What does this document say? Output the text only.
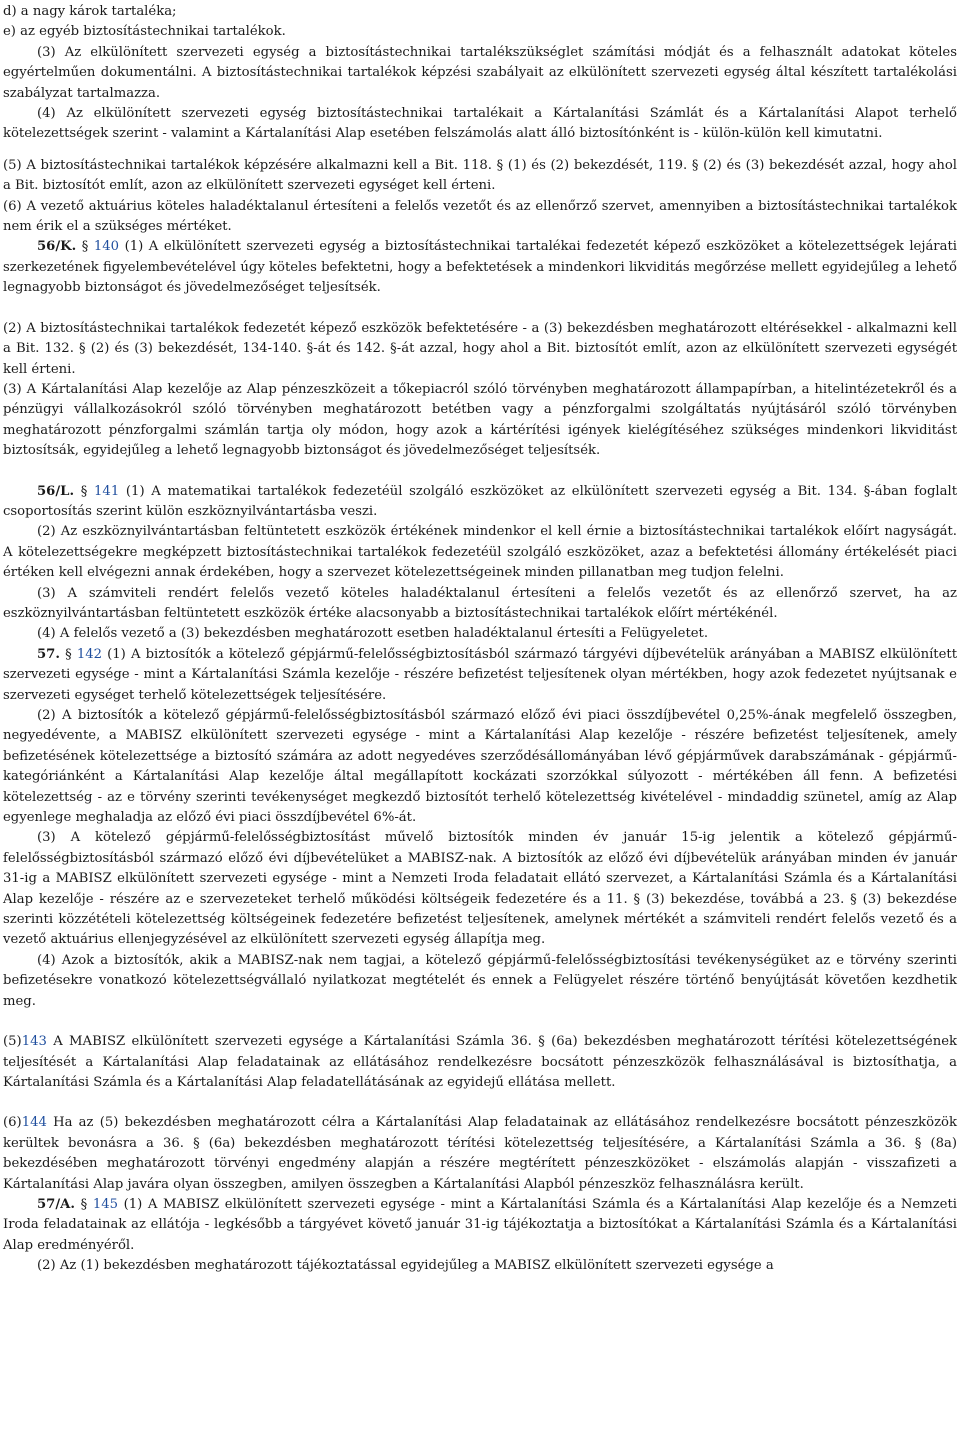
d) a nagy károk tartaléka;

e) az egyéb biztosítástechnikai tartalékok.

(3) Az elkülönített szervezeti egység a biztosítástechnikai tartalékszükséglet számítási módját és a felhasznált adatokat köteles egyértelműen dokumentálni. A biztosítástechnikai tartalékok képzési szabályait az elkülönített szervezeti egység által készített tartalékolási szabályzat tartalmazza.

(4) Az elkülönített szervezeti egység biztosítástechnikai tartalékait a Kártalanítási Számlát és a Kártalanítási Alapot terhelő kötelezettségek szerint - valamint a Kártalanítási Alap esetében felszámolás alatt álló biztosítónként is - külön-külön kell kimutatni.

(5) A biztosítástechnikai tartalékok képzésére alkalmazni kell a Bit. 118. § (1) és (2) bekezdését, 119. § (2) és (3) bekezdését azzal, hogy ahol a Bit. biztosítót említ, azon az elkülönített szervezeti egységet kell érteni.

(6) A vezető aktuárius köteles haladéktalanul értesíteni a felelős vezetőt és az ellenőrző szervet, amennyiben a biztosítástechnikai tartalékok nem érik el a szükséges mértéket.

56/K. § 140 (1) A elkülönített szervezeti egység a biztosítástechnikai tartalékai fedezetét képező eszközöket a kötelezettségek lejárati szerkezetének figyelembevételével úgy köteles befektetni, hogy a befektetések a mindenkori likviditás megőrzése mellett egyidejűleg a lehető legnagyobb biztonságot és jövedelmezőséget teljesítsék.

(2) A biztosítástechnikai tartalékok fedezetét képező eszközök befektetésére - a (3) bekezdésben meghatározott eltérésekkel - alkalmazni kell a Bit. 132. § (2) és (3) bekezdését, 134-140. §-át és 142. §-át azzal, hogy ahol a Bit. biztosítót említ, azon az elkülönített szervezeti egységét kell érteni.

(3) A Kártalanítási Alap kezelője az Alap pénzeszközeit a tőkepiacról szóló törvényben meghatározott állampapírban, a hitelintézetekről és a pénzügyi vállalkozásokról szóló törvényben meghatározott betétben vagy a pénzforgalmi szolgáltatás nyújtásáról szóló törvényben meghatározott pénzforgalmi számlán tartja oly módon, hogy azok a kártérítési igények kielégítéséhez szükséges mindenkori likviditást biztosítsák, egyidejűleg a lehető legnagyobb biztonságot és jövedelmezőséget teljesítsék.

56/L. § 141 (1) A matematikai tartalékok fedezetéül szolgáló eszközöket az elkülönített szervezeti egység a Bit. 134. §-ában foglalt csoportosítás szerint külön eszköznyilvántartásba veszi.

(2) Az eszköznyilvántartásban feltüntetett eszközök értékének mindenkor el kell érnie a biztosítástechnikai tartalékok előírt nagyságát. A kötelezettségekre megképzett biztosítástechnikai tartalékok fedezetéül szolgáló eszközöket, azaz a befektetési állomány értékelését piaci értéken kell elvégezni annak érdekében, hogy a szervezet kötelezettségeinek minden pillanatban meg tudjon felelni.

(3) A számviteli rendért felelős vezető köteles haladéktalanul értesíteni a felelős vezetőt és az ellenőrző szervet, ha az eszköznyilvántartásban feltüntetett eszközök értéke alacsonyabb a biztosítástechnikai tartalékok előírt mértékénél.

(4) A felelős vezető a (3) bekezdésben meghatározott esetben haladéktalanul értesíti a Felügyeletet.

57. § 142 (1) A biztosítók a kötelező gépjármű-felelősségbiztosításból származó tárgyévi díjbevételük arányában a MABISZ elkülönített szervezeti egysége - mint a Kártalanítási Számla kezelője - részére befizetést teljesítenek olyan mértékben, hogy azok fedezetet nyújtsanak e szervezeti egységet terhelő kötelezettségek teljesítésére.

(2) A biztosítók a kötelező gépjármű-felelősségbiztosításból származó előző évi piaci összdíjbevétel 0,25%-ának megfelelő összegben, negyedévente, a MABISZ elkülönített szervezeti egysége - mint a Kártalanítási Alap kezelője - részére befizetést teljesítenek, amely befizetésének kötelezettsége a biztosító számára az adott negyedéves szerződésállományában lévő gépjárművek darabszámának - gépjármű-kategóriánként a Kártalanítási Alap kezelője által megállapított kockázati szorzókkal súlyozott - mértékében áll fenn. A befizetési kötelezettség - az e törvény szerinti tevékenységet megkezdő biztosítót terhelő kötelezettség kivételével - mindaddig szünetel, amíg az Alap egyenlege meghaladja az előző évi piaci összdíjbevétel 6%-át.

(3) A kötelező gépjármű-felelősségbiztosítást művelő biztosítók minden év január 15-ig jelentik a kötelező gépjármű-felelősségbiztosításból származó előző évi díjbevételüket a MABISZ-nak. A biztosítók az előző évi díjbevételük arányában minden év január 31-ig a MABISZ elkülönített szervezeti egysége - mint a Nemzeti Iroda feladatait ellátó szervezet, a Kártalanítási Számla és a Kártalanítási Alap kezelője - részére az e szervezeteket terhelő működési költségeik fedezetére és a 11. § (3) bekezdése, továbbá a 23. § (3) bekezdése szerinti közzétételi kötelezettség költségeinek fedezetére befizetést teljesítenek, amelynek mértékét a számviteli rendért felelős vezető és a vezető aktuárius ellenjegyzésével az elkülönített szervezeti egység állapítja meg.

(4) Azok a biztosítók, akik a MABISZ-nak nem tagjai, a kötelező gépjármű-felelősségbiztosítási tevékenységüket az e törvény szerinti befizetésekre vonatkozó kötelezettségvállaló nyilatkozat megtételét és ennek a Felügyelet részére történő benyújtását követően kezdhetik meg.

(5)143 A MABISZ elkülönített szervezeti egysége a Kártalanítási Számla 36. § (6a) bekezdésben meghatározott térítési kötelezettségének teljesítését a Kártalanítási Alap feladatainak az ellátásához rendelkezésre bocsátott pénzeszközök felhasználásával is biztosíthatja, a Kártalanítási Számla és a Kártalanítási Alap feladatellátásának az egyidejű ellátása mellett.

(6)144 Ha az (5) bekezdésben meghatározott célra a Kártalanítási Alap feladatainak az ellátásához rendelkezésre bocsátott pénzeszközök kerültek bevonásra a 36. § (6a) bekezdésben meghatározott térítési kötelezettség teljesítésére, a Kártalanítási Számla a 36. § (8a) bekezdésében meghatározott törvényi engedmény alapján a részére megtérített pénzeszközöket - elszámolás alapján - visszafizeti a Kártalanítási Alap javára olyan összegben, amilyen összegben a Kártalanítási Alapból pénzeszköz felhasználásra került.

57/A. § 145 (1) A MABISZ elkülönített szervezeti egysége - mint a Kártalanítási Számla és a Kártalanítási Alap kezelője és a Nemzeti Iroda feladatainak az ellátója - legkésőbb a tárgyévet követő január 31-ig tájékoztatja a biztosítókat a Kártalanítási Számla és a Kártalanítási Alap eredményéről.

(2) Az (1) bekezdésben meghatározott tájékoztatással egyidejűleg a MABISZ elkülönített szervezeti egysége a
